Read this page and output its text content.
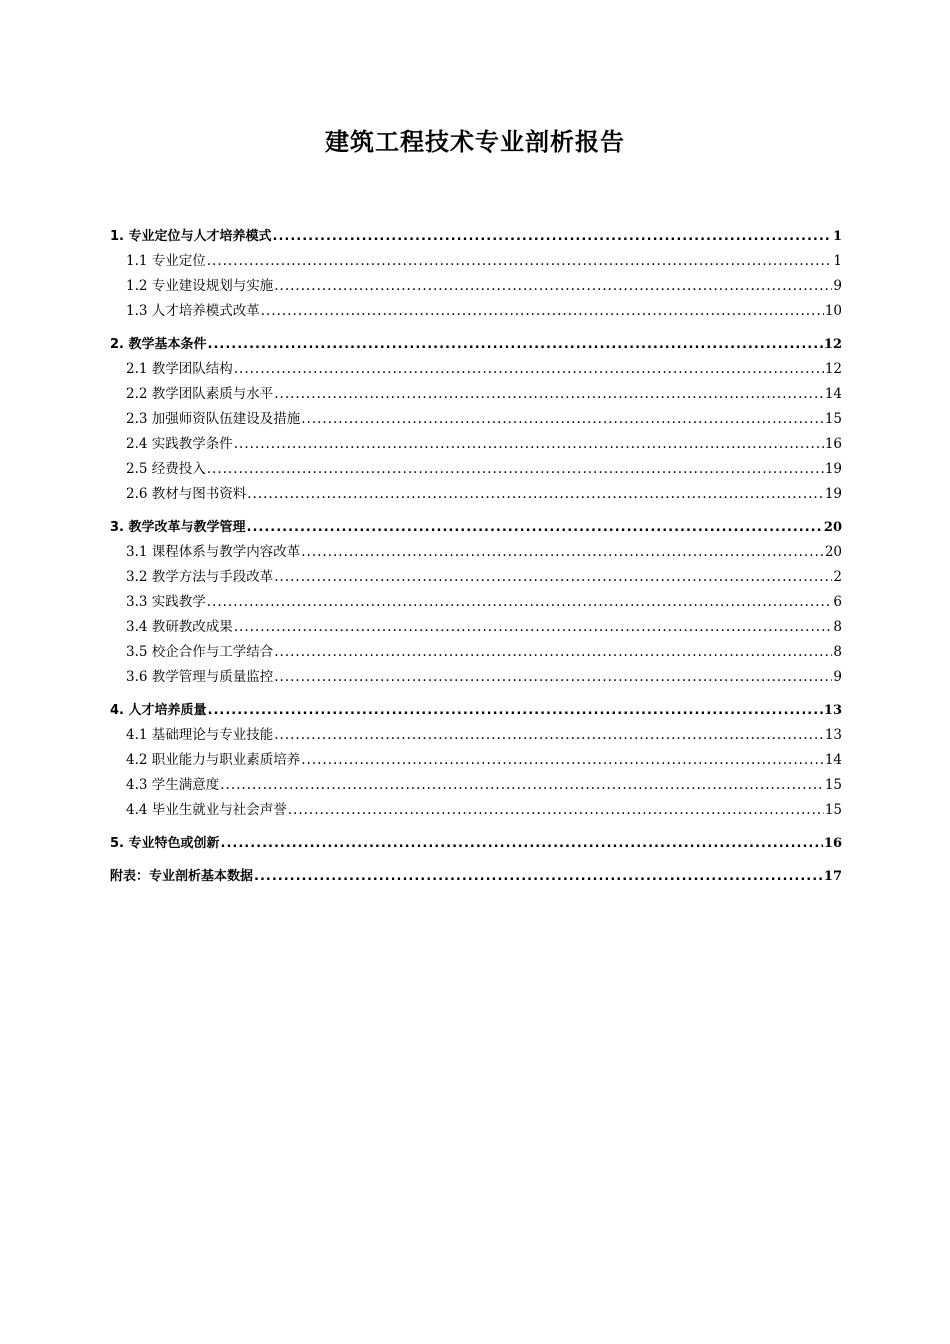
建筑工程技术专业剖析报告
1. 专业定位与人才培养模式 .....	1
1.1 专业定位 .....	1
1.2 专业建设规划与实施 .....	9
1.3 人才培养模式改革 .....	10
2. 教学基本条件 .....	12
2.1 教学团队结构 .....	12
2.2 教学团队素质与水平 .....	14
2.3 加强师资队伍建设及措施 .....	15
2.4 实践教学条件 .....	16
2.5 经费投入 .....	19
2.6 教材与图书资料 .....	19
3. 教学改革与教学管理 .....	20
3.1 课程体系与教学内容改革 .....	20
3.2 教学方法与手段改革 .....	2
3.3 实践教学 .....	6
3.4 教研教改成果 .....	8
3.5 校企合作与工学结合 .....	8
3.6 教学管理与质量监控 .....	9
4. 人才培养质量 .....	13
4.1 基础理论与专业技能 .....	13
4.2 职业能力与职业素质培养 .....	14
4.3 学生满意度 .....	15
4.4 毕业生就业与社会声誉 .....	15
5. 专业特色或创新 .....	16
附表：专业剖析基本数据 .....	17
